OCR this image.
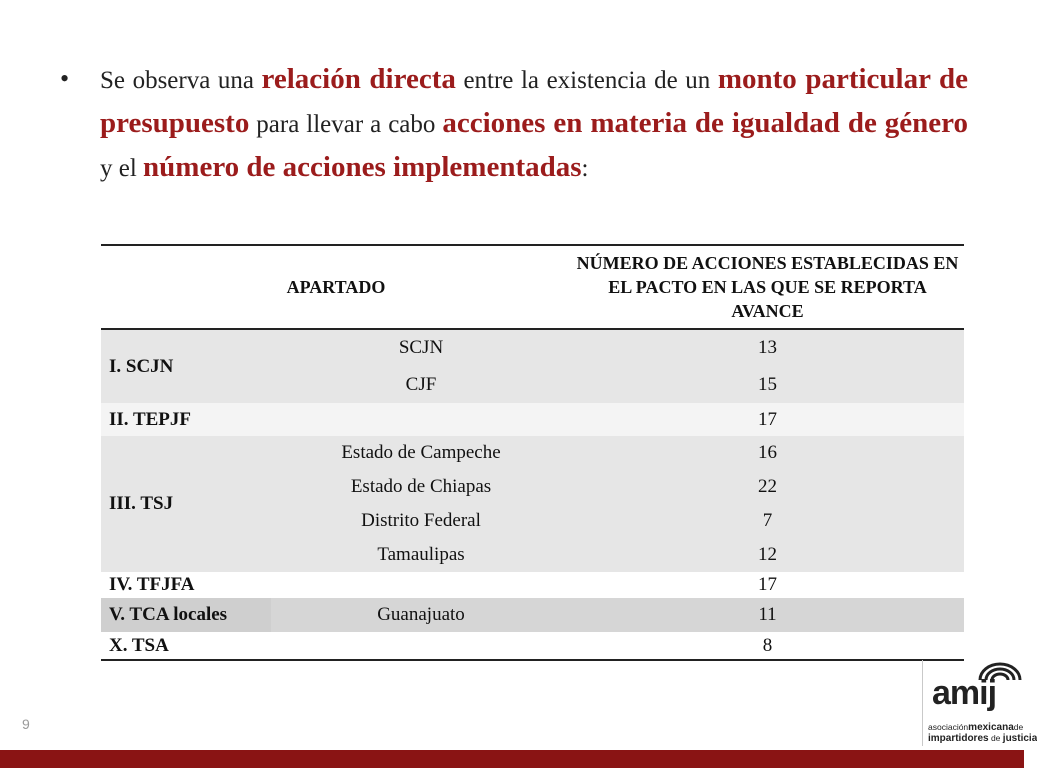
•	Se observa una relación directa entre la existencia de un monto particular de presupuesto para llevar a cabo acciones en materia de igualdad de género y el número de acciones implementadas:

APARTADO		NÚMERO DE ACCIONES ESTABLECIDAS EN EL PACTO EN LAS QUE SE REPORTA AVANCE
I. SCJN	SCJN	13
	CJF	15
II. TEPJF		17
III. TSJ	Estado de Campeche	16
	Estado de Chiapas	22
	Distrito Federal	7
	Tamaulipas	12
IV. TFJFA		17
V. TCA locales	Guanajuato	11
X. TSA		8
9
amij
asociaciónmexicanade
impartidores de justicia
